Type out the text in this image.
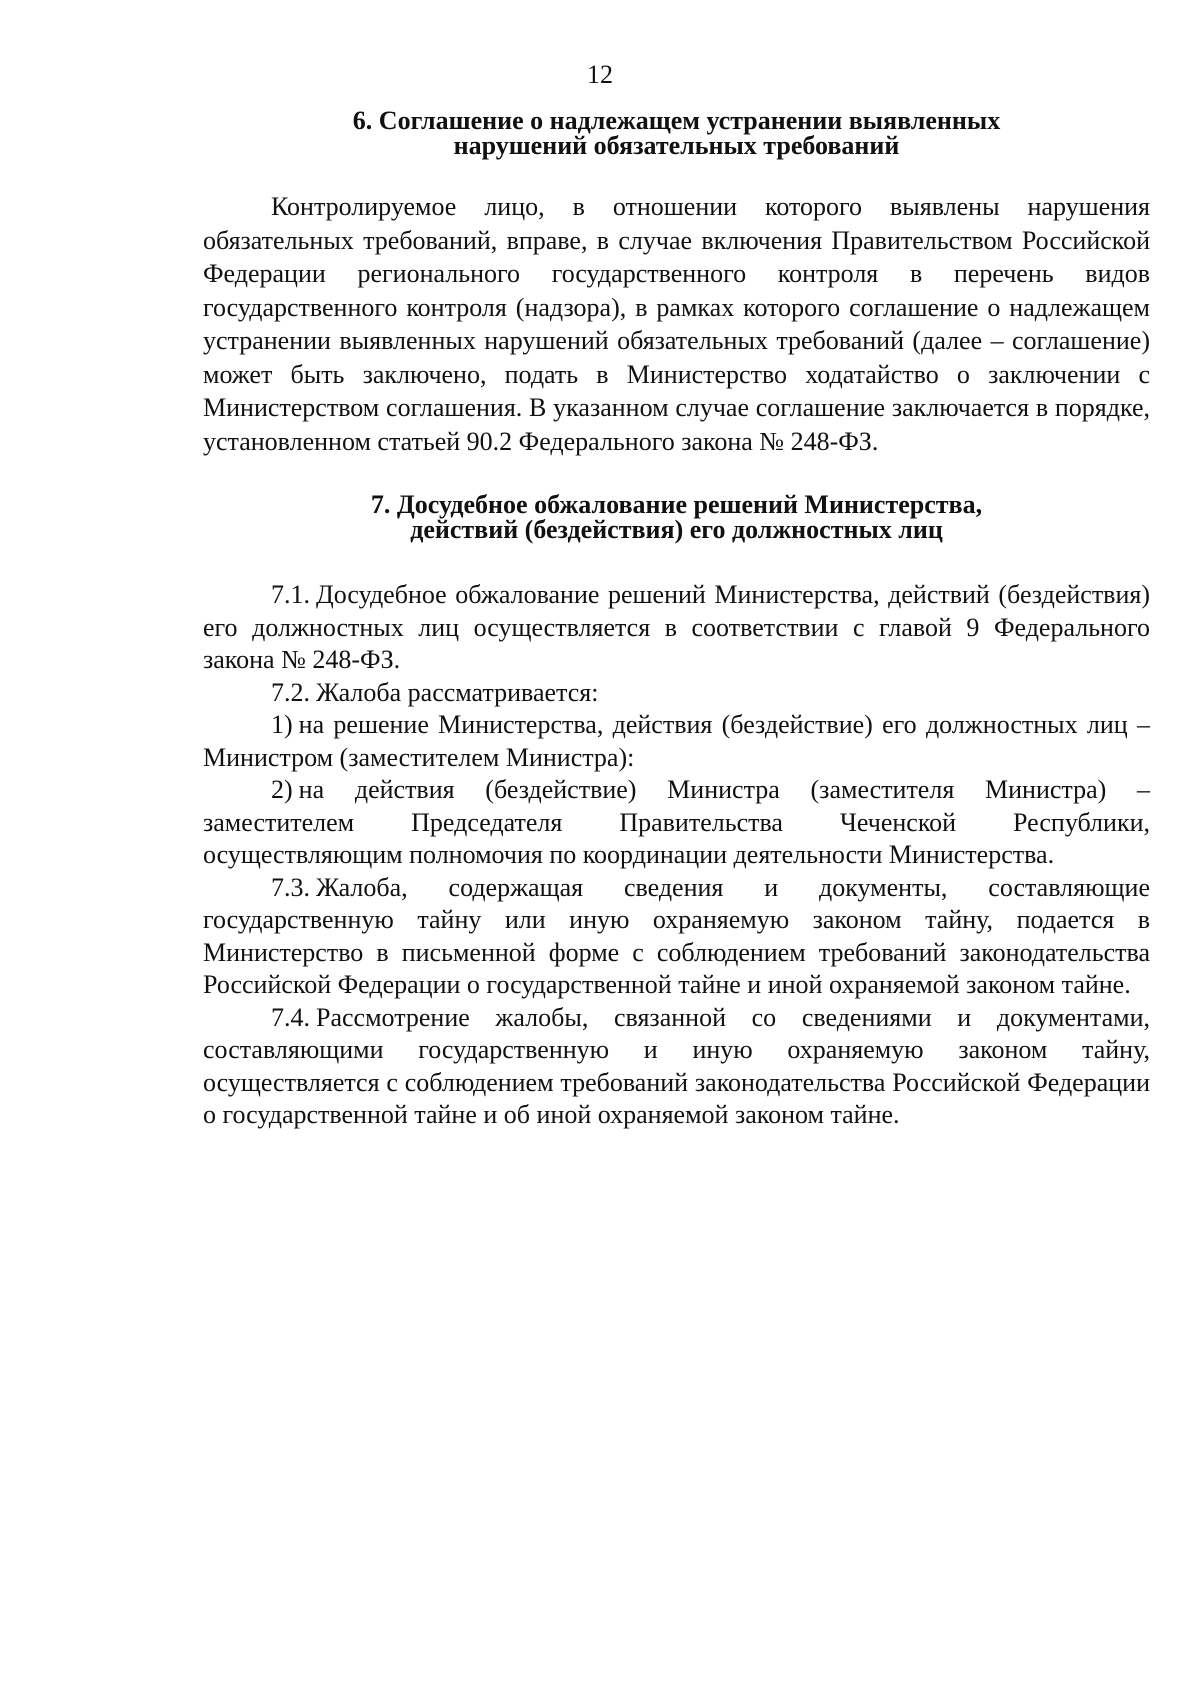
12
6. Соглашение о надлежащем устранении выявленных
нарушений обязательных требований

Контролируемое лицо, в отношении которого выявлены нарушения обязательных требований, вправе, в случае включения Правительством Российской Федерации регионального государственного контроля в перечень видов государственного контроля (надзора), в рамках которого соглашение о надлежащем устранении выявленных нарушений обязательных требований (далее – соглашение) может быть заключено, подать в Министерство ходатайство о заключении с Министерством соглашения. В указанном случае соглашение заключается в порядке, установленном статьей 90.2 Федерального закона № 248-ФЗ.

7. Досудебное обжалование решений Министерства,
действий (бездействия) его должностных лиц

7.1. Досудебное обжалование решений Министерства, действий (бездействия) его должностных лиц осуществляется в соответствии с главой 9 Федерального закона № 248-ФЗ.

7.2. Жалоба рассматривается:

1) на решение Министерства, действия (бездействие) его должностных лиц – Министром (заместителем Министра):

2) на действия (бездействие) Министра (заместителя Министра) – заместителем Председателя Правительства Чеченской Республики, осуществляющим полномочия по координации деятельности Министерства.

7.3. Жалоба, содержащая сведения и документы, составляющие государственную тайну или иную охраняемую законом тайну, подается в Министерство в письменной форме с соблюдением требований законодательства Российской Федерации о государственной тайне и иной охраняемой законом тайне.

7.4. Рассмотрение жалобы, связанной со сведениями и документами, составляющими государственную и иную охраняемую законом тайну, осуществляется с соблюдением требований законодательства Российской Федерации о государственной тайне и об иной охраняемой законом тайне.
